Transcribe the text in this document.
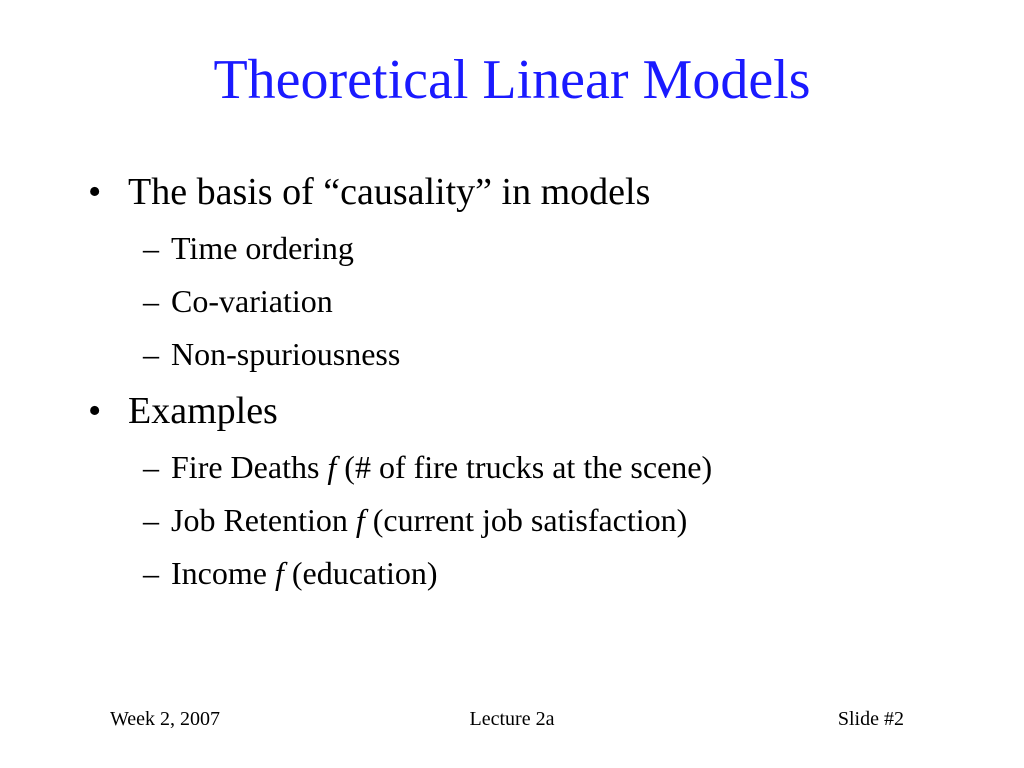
Theoretical Linear Models
• The basis of “causality” in models
– Time ordering
– Co-variation
– Non-spuriousness
• Examples
– Fire Deaths f (# of fire trucks at the scene)
– Job Retention f (current job satisfaction)
– Income f (education)
Week 2, 2007	Lecture 2a	Slide #2
